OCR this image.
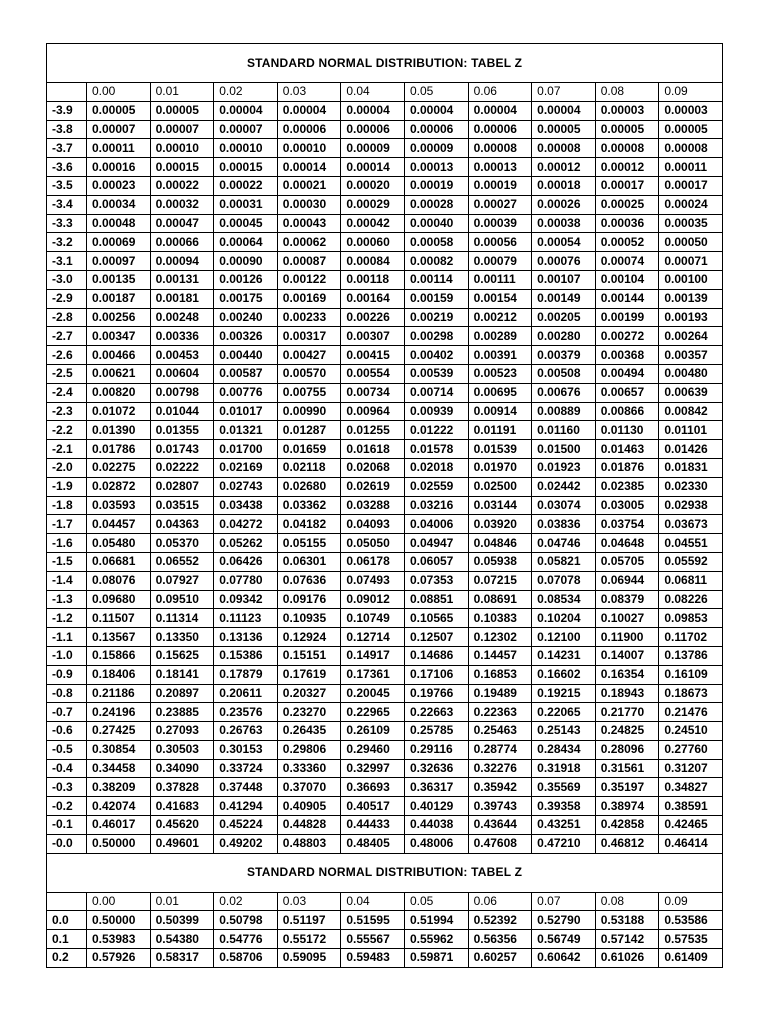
STANDARD NORMAL DISTRIBUTION: TABEL Z										
	0.00	0.01	0.02	0.03	0.04	0.05	0.06	0.07	0.08	0.09
-3.9	0.00005	0.00005	0.00004	0.00004	0.00004	0.00004	0.00004	0.00004	0.00003	0.00003
-3.8	0.00007	0.00007	0.00007	0.00006	0.00006	0.00006	0.00006	0.00005	0.00005	0.00005
-3.7	0.00011	0.00010	0.00010	0.00010	0.00009	0.00009	0.00008	0.00008	0.00008	0.00008
-3.6	0.00016	0.00015	0.00015	0.00014	0.00014	0.00013	0.00013	0.00012	0.00012	0.00011
-3.5	0.00023	0.00022	0.00022	0.00021	0.00020	0.00019	0.00019	0.00018	0.00017	0.00017
-3.4	0.00034	0.00032	0.00031	0.00030	0.00029	0.00028	0.00027	0.00026	0.00025	0.00024
-3.3	0.00048	0.00047	0.00045	0.00043	0.00042	0.00040	0.00039	0.00038	0.00036	0.00035
-3.2	0.00069	0.00066	0.00064	0.00062	0.00060	0.00058	0.00056	0.00054	0.00052	0.00050
-3.1	0.00097	0.00094	0.00090	0.00087	0.00084	0.00082	0.00079	0.00076	0.00074	0.00071
-3.0	0.00135	0.00131	0.00126	0.00122	0.00118	0.00114	0.00111	0.00107	0.00104	0.00100
-2.9	0.00187	0.00181	0.00175	0.00169	0.00164	0.00159	0.00154	0.00149	0.00144	0.00139
-2.8	0.00256	0.00248	0.00240	0.00233	0.00226	0.00219	0.00212	0.00205	0.00199	0.00193
-2.7	0.00347	0.00336	0.00326	0.00317	0.00307	0.00298	0.00289	0.00280	0.00272	0.00264
-2.6	0.00466	0.00453	0.00440	0.00427	0.00415	0.00402	0.00391	0.00379	0.00368	0.00357
-2.5	0.00621	0.00604	0.00587	0.00570	0.00554	0.00539	0.00523	0.00508	0.00494	0.00480
-2.4	0.00820	0.00798	0.00776	0.00755	0.00734	0.00714	0.00695	0.00676	0.00657	0.00639
-2.3	0.01072	0.01044	0.01017	0.00990	0.00964	0.00939	0.00914	0.00889	0.00866	0.00842
-2.2	0.01390	0.01355	0.01321	0.01287	0.01255	0.01222	0.01191	0.01160	0.01130	0.01101
-2.1	0.01786	0.01743	0.01700	0.01659	0.01618	0.01578	0.01539	0.01500	0.01463	0.01426
-2.0	0.02275	0.02222	0.02169	0.02118	0.02068	0.02018	0.01970	0.01923	0.01876	0.01831
-1.9	0.02872	0.02807	0.02743	0.02680	0.02619	0.02559	0.02500	0.02442	0.02385	0.02330
-1.8	0.03593	0.03515	0.03438	0.03362	0.03288	0.03216	0.03144	0.03074	0.03005	0.02938
-1.7	0.04457	0.04363	0.04272	0.04182	0.04093	0.04006	0.03920	0.03836	0.03754	0.03673
-1.6	0.05480	0.05370	0.05262	0.05155	0.05050	0.04947	0.04846	0.04746	0.04648	0.04551
-1.5	0.06681	0.06552	0.06426	0.06301	0.06178	0.06057	0.05938	0.05821	0.05705	0.05592
-1.4	0.08076	0.07927	0.07780	0.07636	0.07493	0.07353	0.07215	0.07078	0.06944	0.06811
-1.3	0.09680	0.09510	0.09342	0.09176	0.09012	0.08851	0.08691	0.08534	0.08379	0.08226
-1.2	0.11507	0.11314	0.11123	0.10935	0.10749	0.10565	0.10383	0.10204	0.10027	0.09853
-1.1	0.13567	0.13350	0.13136	0.12924	0.12714	0.12507	0.12302	0.12100	0.11900	0.11702
-1.0	0.15866	0.15625	0.15386	0.15151	0.14917	0.14686	0.14457	0.14231	0.14007	0.13786
-0.9	0.18406	0.18141	0.17879	0.17619	0.17361	0.17106	0.16853	0.16602	0.16354	0.16109
-0.8	0.21186	0.20897	0.20611	0.20327	0.20045	0.19766	0.19489	0.19215	0.18943	0.18673
-0.7	0.24196	0.23885	0.23576	0.23270	0.22965	0.22663	0.22363	0.22065	0.21770	0.21476
-0.6	0.27425	0.27093	0.26763	0.26435	0.26109	0.25785	0.25463	0.25143	0.24825	0.24510
-0.5	0.30854	0.30503	0.30153	0.29806	0.29460	0.29116	0.28774	0.28434	0.28096	0.27760
-0.4	0.34458	0.34090	0.33724	0.33360	0.32997	0.32636	0.32276	0.31918	0.31561	0.31207
-0.3	0.38209	0.37828	0.37448	0.37070	0.36693	0.36317	0.35942	0.35569	0.35197	0.34827
-0.2	0.42074	0.41683	0.41294	0.40905	0.40517	0.40129	0.39743	0.39358	0.38974	0.38591
-0.1	0.46017	0.45620	0.45224	0.44828	0.44433	0.44038	0.43644	0.43251	0.42858	0.42465
-0.0	0.50000	0.49601	0.49202	0.48803	0.48405	0.48006	0.47608	0.47210	0.46812	0.46414
STANDARD NORMAL DISTRIBUTION: TABEL Z										
	0.00	0.01	0.02	0.03	0.04	0.05	0.06	0.07	0.08	0.09
0.0	0.50000	0.50399	0.50798	0.51197	0.51595	0.51994	0.52392	0.52790	0.53188	0.53586
0.1	0.53983	0.54380	0.54776	0.55172	0.55567	0.55962	0.56356	0.56749	0.57142	0.57535
0.2	0.57926	0.58317	0.58706	0.59095	0.59483	0.59871	0.60257	0.60642	0.61026	0.61409
